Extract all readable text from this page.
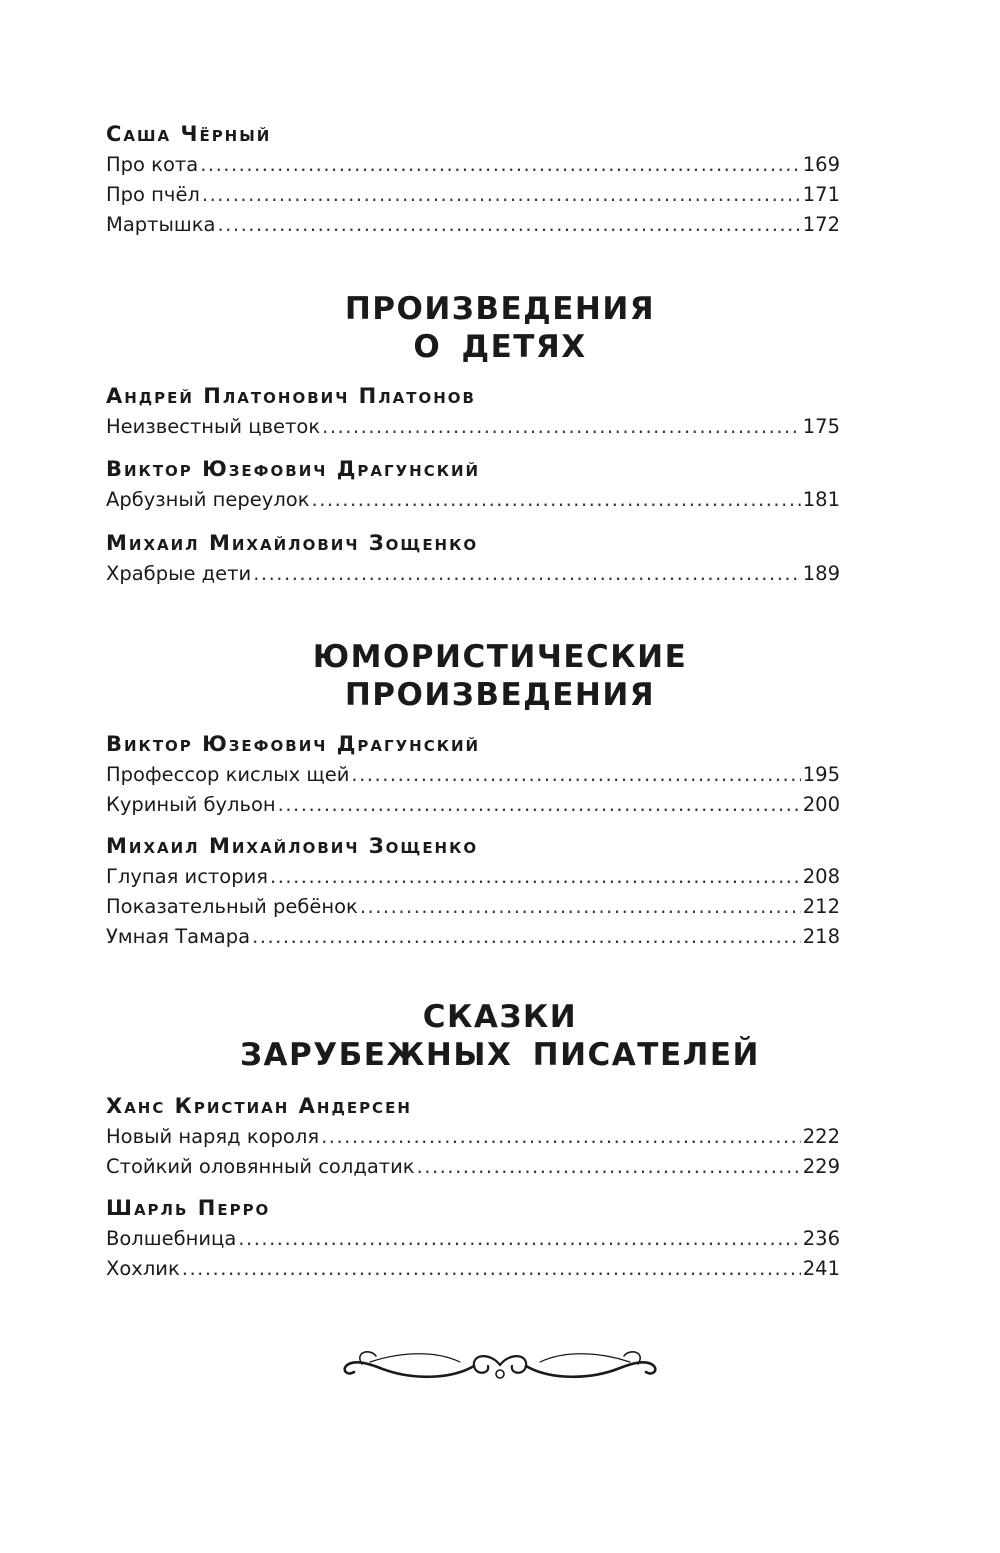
Саша Чёрный
Про кота .....	169
Про пчёл .....	171
Мартышка .....	172
ПРОИЗВЕДЕНИЯ
О ДЕТЯХ
Андрей Платонович Платонов
Неизвестный цветок .....	175
Виктор Юзефович Драгунский
Арбузный переулок .....	181
Михаил Михайлович Зощенко
Храбрые дети .....	189
ЮМОРИСТИЧЕСКИЕ
ПРОИЗВЕДЕНИЯ
Виктор Юзефович Драгунский
Профессор кислых щей .....	195
Куриный бульон .....	200
Михаил Михайлович Зощенко
Глупая история .....	208
Показательный ребёнок .....	212
Умная Тамара .....	218
СКАЗКИ
ЗАРУБЕЖНЫХ ПИСАТЕЛЕЙ
Ханс Кристиан Андерсен
Новый наряд короля .....	222
Стойкий оловянный солдатик .....	229
Шарль Перро
Волшебница .....	236
Хохлик .....	241
